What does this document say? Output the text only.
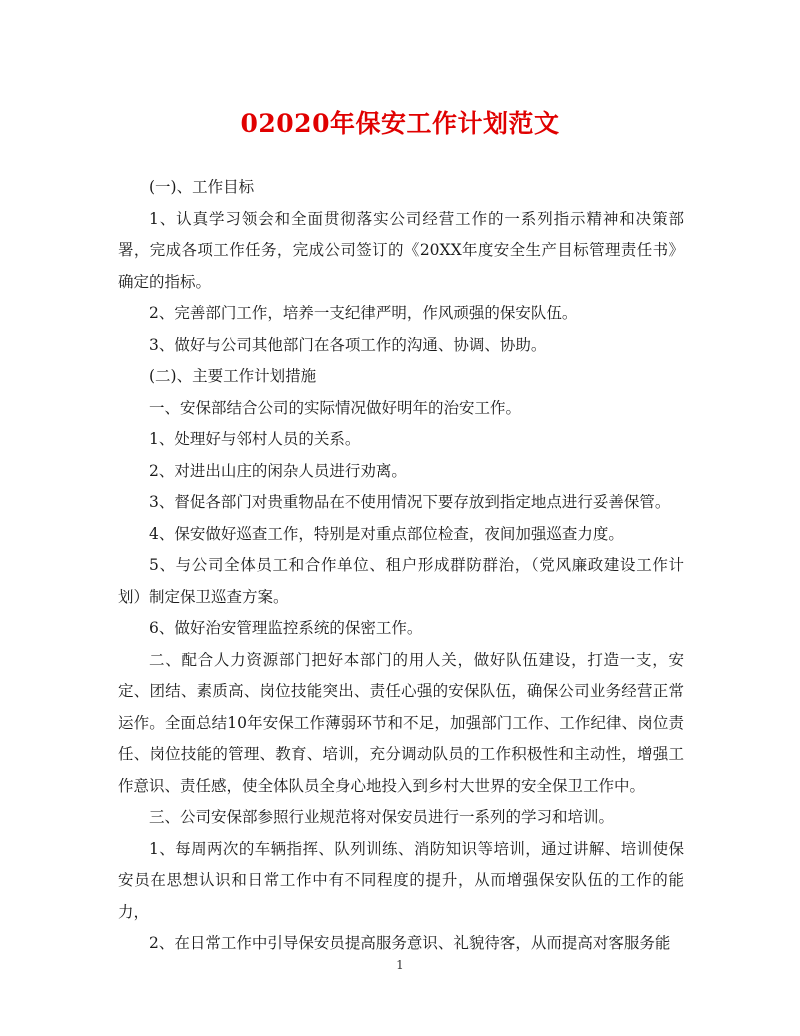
02020年保安工作计划范文

(一)、工作目标

1、认真学习领会和全面贯彻落实公司经营工作的一系列指示精神和决策部署，完成各项工作任务，完成公司签订的《20XX年度安全生产目标管理责任书》确定的指标。

2、完善部门工作，培养一支纪律严明，作风顽强的保安队伍。

3、做好与公司其他部门在各项工作的沟通、协调、协助。

(二)、主要工作计划措施

一、安保部结合公司的实际情况做好明年的治安工作。

1、处理好与邻村人员的关系。

2、对进出山庄的闲杂人员进行劝离。

3、督促各部门对贵重物品在不使用情况下要存放到指定地点进行妥善保管。

4、保安做好巡查工作，特别是对重点部位检查，夜间加强巡查力度。

5、与公司全体员工和合作单位、租户形成群防群治，（党风廉政建设工作计划）制定保卫巡查方案。

6、做好治安管理监控系统的保密工作。

二、配合人力资源部门把好本部门的用人关，做好队伍建设，打造一支，安定、团结、素质高、岗位技能突出、责任心强的安保队伍，确保公司业务经营正常运作。全面总结10年安保工作薄弱环节和不足，加强部门工作、工作纪律、岗位责任、岗位技能的管理、教育、培训，充分调动队员的工作积极性和主动性，增强工作意识、责任感，使全体队员全身心地投入到乡村大世界的安全保卫工作中。

三、公司安保部参照行业规范将对保安员进行一系列的学习和培训。

1、每周两次的车辆指挥、队列训练、消防知识等培训，通过讲解、培训使保安员在思想认识和日常工作中有不同程度的提升，从而增强保安队伍的工作的能力，

2、在日常工作中引导保安员提高服务意识、礼貌待客，从而提高对客服务能

1
